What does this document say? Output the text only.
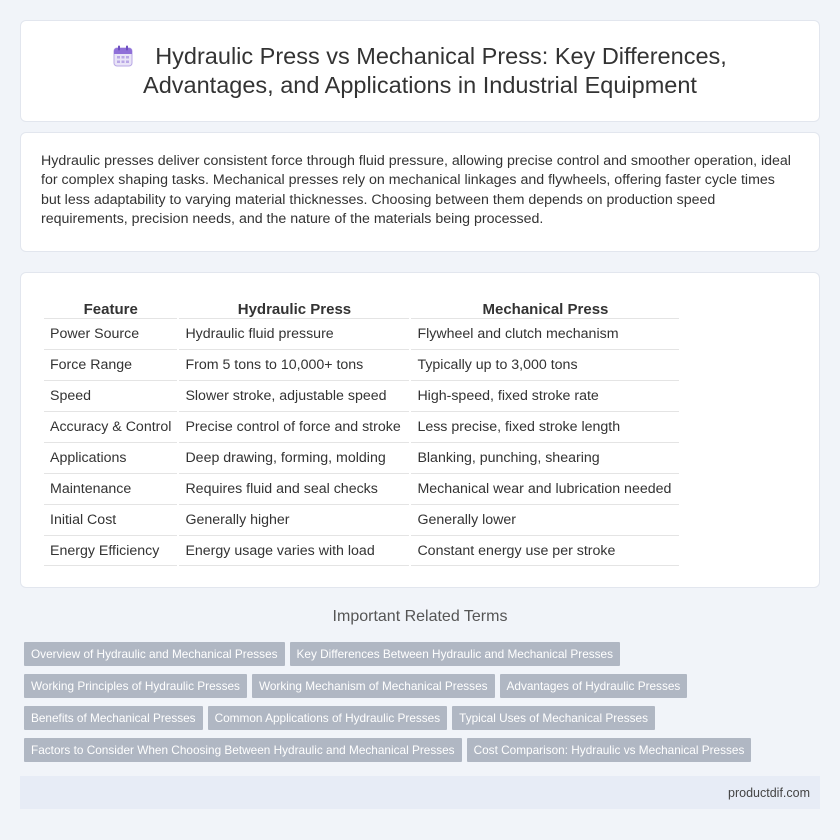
Hydraulic Press vs Mechanical Press: Key Differences,
Advantages, and Applications in Industrial Equipment

Hydraulic presses deliver consistent force through fluid pressure, allowing precise control and smoother operation, ideal for complex shaping tasks. Mechanical presses rely on mechanical linkages and flywheels, offering faster cycle times but less adaptability to varying material thicknesses. Choosing between them depends on production speed requirements, precision needs, and the nature of the materials being processed.

Feature	Hydraulic Press	Mechanical Press
Power Source	Hydraulic fluid pressure	Flywheel and clutch mechanism
Force Range	From 5 tons to 10,000+ tons	Typically up to 3,000 tons
Speed	Slower stroke, adjustable speed	High-speed, fixed stroke rate
Accuracy & Control	Precise control of force and stroke	Less precise, fixed stroke length
Applications	Deep drawing, forming, molding	Blanking, punching, shearing
Maintenance	Requires fluid and seal checks	Mechanical wear and lubrication needed
Initial Cost	Generally higher	Generally lower
Energy Efficiency	Energy usage varies with load	Constant energy use per stroke
Important Related Terms
Overview of Hydraulic and Mechanical Presses Key Differences Between Hydraulic and Mechanical Presses
Working Principles of Hydraulic Presses Working Mechanism of Mechanical Presses Advantages of Hydraulic Presses
Benefits of Mechanical Presses Common Applications of Hydraulic Presses Typical Uses of Mechanical Presses
Factors to Consider When Choosing Between Hydraulic and Mechanical Presses Cost Comparison: Hydraulic vs Mechanical Presses
productdif.com
